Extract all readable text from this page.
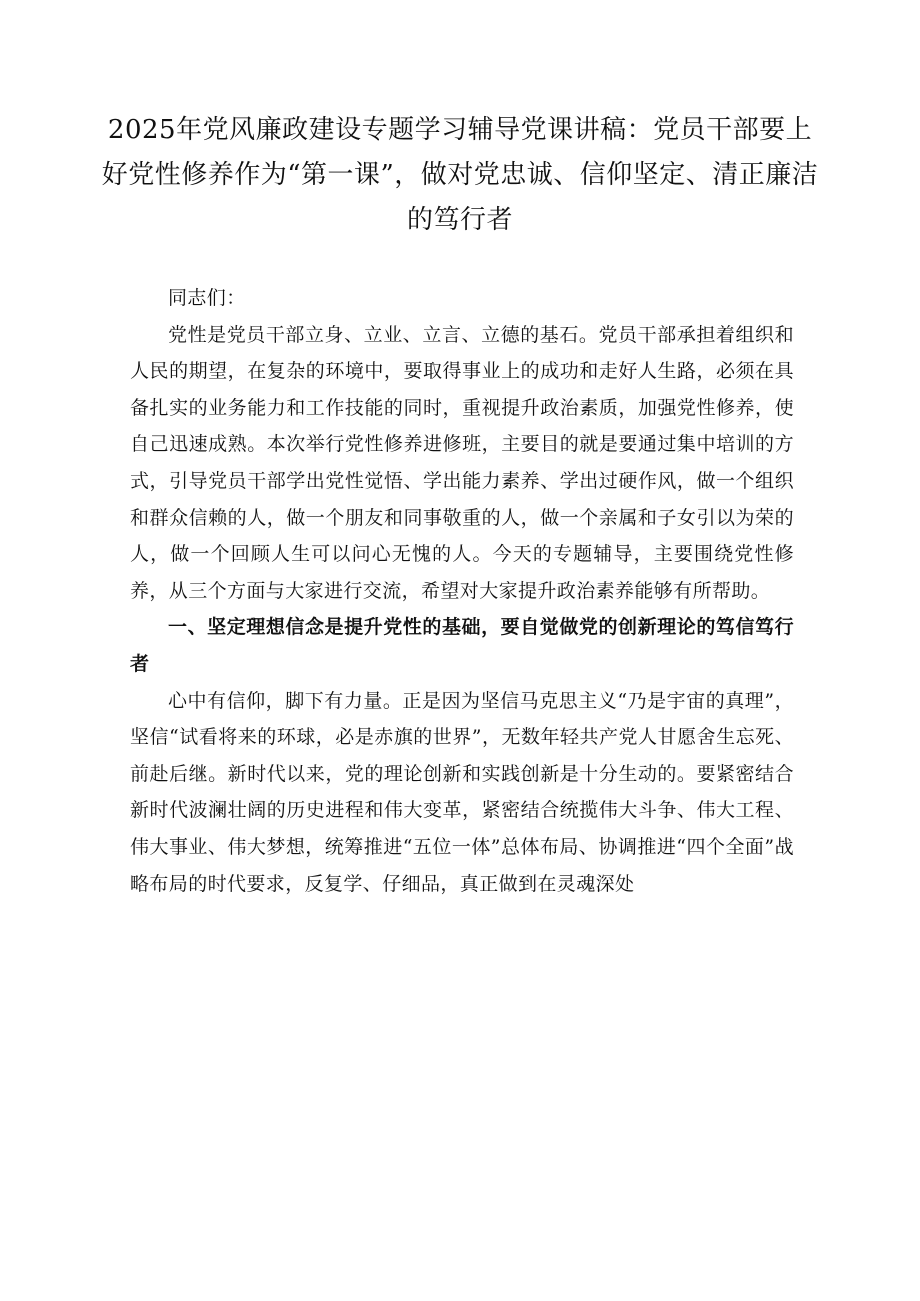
2025年党风廉政建设专题学习辅导党课讲稿：党员干部要上好党性修养作为“第一课”，做对党忠诚、信仰坚定、清正廉洁的笃行者

同志们：

党性是党员干部立身、立业、立言、立德的基石。党员干部承担着组织和人民的期望，在复杂的环境中，要取得事业上的成功和走好人生路，必须在具备扎实的业务能力和工作技能的同时，重视提升政治素质，加强党性修养，使自己迅速成熟。本次举行党性修养进修班，主要目的就是要通过集中培训的方式，引导党员干部学出党性觉悟、学出能力素养、学出过硬作风，做一个组织和群众信赖的人，做一个朋友和同事敬重的人，做一个亲属和子女引以为荣的人，做一个回顾人生可以问心无愧的人。今天的专题辅导，主要围绕党性修养，从三个方面与大家进行交流，希望对大家提升政治素养能够有所帮助。

一、坚定理想信念是提升党性的基础，要自觉做党的创新理论的笃信笃行者

心中有信仰，脚下有力量。正是因为坚信马克思主义“乃是宇宙的真理”，坚信“试看将来的环球，必是赤旗的世界”，无数年轻共产党人甘愿舍生忘死、前赴后继。新时代以来，党的理论创新和实践创新是十分生动的。要紧密结合新时代波澜壮阔的历史进程和伟大变革，紧密结合统揽伟大斗争、伟大工程、伟大事业、伟大梦想，统筹推进“五位一体”总体布局、协调推进“四个全面”战略布局的时代要求，反复学、仔细品，真正做到在灵魂深处
